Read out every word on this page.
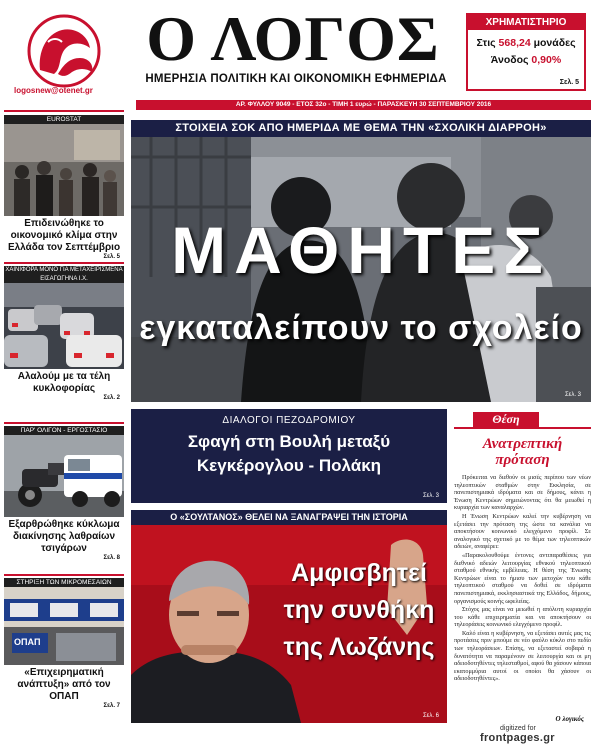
logosnew@otenet.gr
Ο ΛΟΓΟΣ
ΗΜΕΡΗΣΙΑ ΠΟΛΙΤΙΚΗ ΚΑΙ ΟΙΚΟΝΟΜΙΚΗ ΕΦΗΜΕΡΙΔΑ
ΧΡΗΜΑΤΙΣΤΗΡΙΟ
Στις 568,24 μονάδες
Άνοδος 0,90%
Σελ. 5
ΑΡ. ΦΥΛΛΟΥ 9049 - ΕΤΟΣ 32ο - ΤΙΜΗ 1 ευρώ - ΠΑΡΑΣΚΕΥΗ 30 ΣΕΠΤΕΜΒΡΙΟΥ 2016
EUROSTAT
Επιδεινώθηκε το οικονομικό κλίμα στην Ελλάδα τον Σεπτέμβριο
Σελ. 5
ΧΑΙΝΙΦΟΡΑ ΜΟΝΟ ΓΙΑ ΜΕΤΑΧΕΙΡΙΣΜΕΝΑ ΕΙΣΑΓΩΓΗΝΑ Ι.Χ.
Αλαλούμ με τα τέλη κυκλοφορίας
Σελ. 2
ΠΑΡ' ΟΛΙΓΟΝ - ΕΡΓΟΣΤΑΣΙΟ
Εξαρθρώθηκε κύκλωμα διακίνησης λαθραίων τσιγάρων
Σελ. 8
ΣΤΗΡΙΞΗ ΤΩΝ ΜΙΚΡΟΜΕΣΑΙΩΝ
ΟΠΑΠ
«Επιχειρηματική ανάπτυξη» από τον ΟΠΑΠ
Σελ. 7
ΣΤΟΙΧΕΙΑ ΣΟΚ ΑΠΟ ΗΜΕΡΙΔΑ ΜΕ ΘΕΜΑ ΤΗΝ «ΣΧΟΛΙΚΗ ΔΙΑΡΡΟΗ»
ΜΑΘΗΤΕΣ
εγκαταλείπουν το σχολείο
Σελ. 3
ΔΙΑΛΟΓΟΙ ΠΕΖΟΔΡΟΜΙΟΥ
Σφαγή στη Βουλή μεταξύ
Κεγκέρογλου - Πολάκη
Σελ. 3
Ο «ΣΟΥΛΤΑΝΟΣ» ΘΕΛΕΙ ΝΑ ΞΑΝΑΓΡΑΨΕΙ ΤΗΝ ΙΣΤΟΡΙΑ
Αμφισβητεί
την συνθήκη
της Λωζάνης
Σελ. 6
Θέση
Ανατρεπτική
πρόταση

Πρόκειται να διεθούν οι μισές περίπου των νέων τηλεοπτικών σταθμών στην Εκκλησία, σε πανεπιστημιακά ιδρύματα και σε δήμους, κάνει η Ένωση Κεντρώων σημειώνοντας ότι θα μειωθεί η κυριαρχία των καναλαρχών.

Η Ένωση Κεντρώων καλεί την κυβέρνηση να εξετάσει την πρόταση της ώστε τα κανάλια να αποκτήσουν κοινωνικό ελεγχόμενο προφίλ. Σε αναλογικό της σχετικό με το θέμα των τηλεοπτικών αδειών, αναφέρει:

«Παρακολουθούμε έντονες αντιπαραθέσεις για διεθνικό αδειών λειτουργίας εθνικού τηλεοπτικού σταθμού εθνικής εμβέλειας. Η θέση της Ένωσης Κεντρώων είναι το ήμισυ των μετοχών του κάθε τηλεοπτικού σταθμού να δοθεί σε ιδρύματα πανεπιστημιακά, εκκλησιαστικά της Ελλάδος, δήμους, οργανισμούς κοινής ωφελείας.

Στόχος μας είναι να μειωθεί η απόλυτη κυριαρχία του κάθε επιχειρηματία και να αποκτήσουν οι τηλεοράσεις κοινωνικό ελεγχόμενο προφίλ.

Καλό είναι η κυβέρνηση, να εξετάσει αυτές μας τις προτάσεις πριν μπούμε σε νέο φαύλο κύκλο στο πεδίο των τηλεοράσεων. Επίσης, να εξεταστεί σοβαρά η δυνατότητα να παραμένουν σε λειτουργία και οι μη αδειοδοτηθέντες τηλεσταθμοί, αφού θα χάσουν κάποια εκατομμύρια αυτοί οι οποίοι θα χάσουν οι αδειοδοτηθέντες».

Ο λογικός
digitized for
frontpages.gr
